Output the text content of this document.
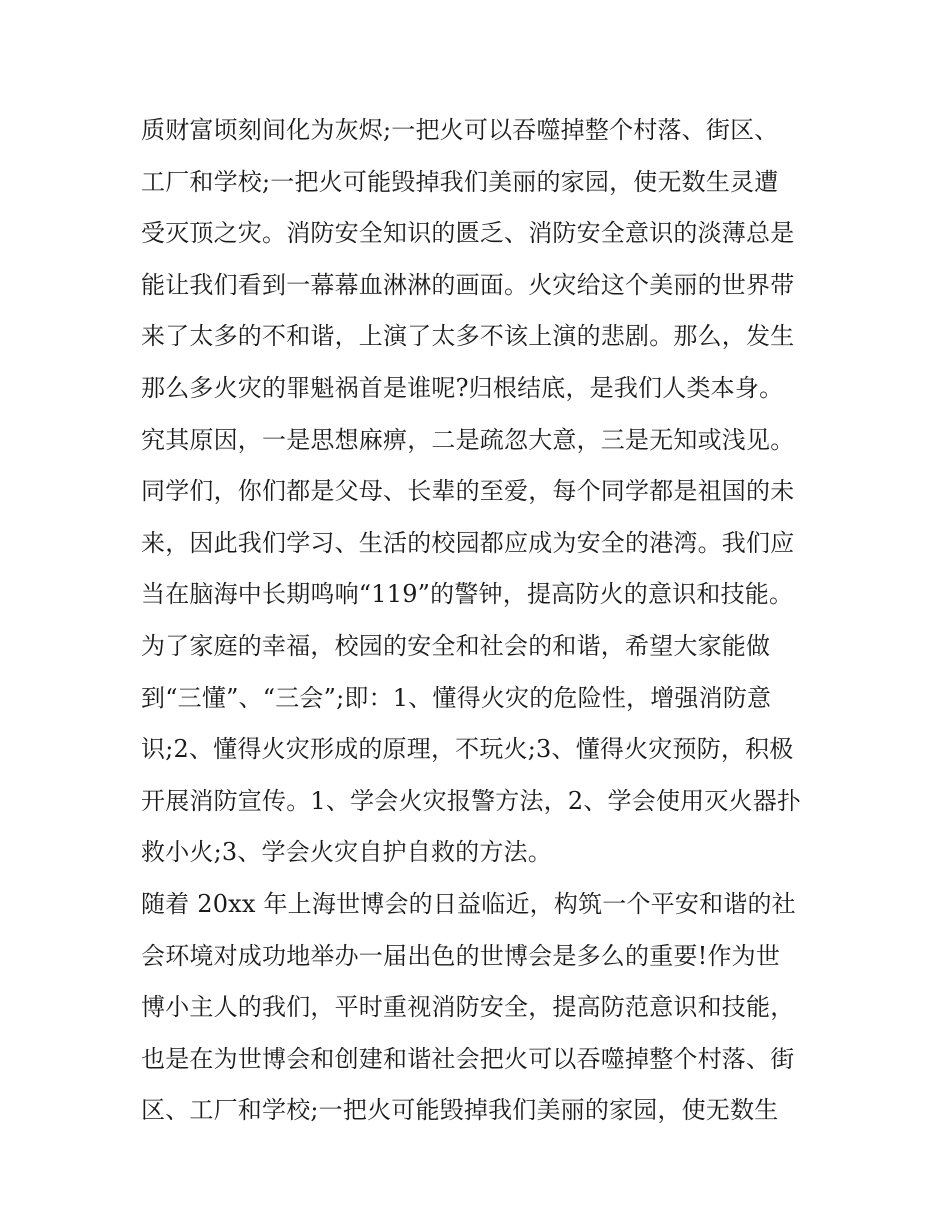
质财富顷刻间化为灰烬;一把火可以吞噬掉整个村落、街区、
工厂和学校;一把火可能毁掉我们美丽的家园，使无数生灵遭
受灭顶之灾。消防安全知识的匮乏、消防安全意识的淡薄总是
能让我们看到一幕幕血淋淋的画面。火灾给这个美丽的世界带
来了太多的不和谐，上演了太多不该上演的悲剧。那么，发生
那么多火灾的罪魁祸首是谁呢?归根结底，是我们人类本身。
究其原因，一是思想麻痹，二是疏忽大意，三是无知或浅见。
同学们，你们都是父母、长辈的至爱，每个同学都是祖国的未
来，因此我们学习、生活的校园都应成为安全的港湾。我们应
当在脑海中长期鸣响“119”的警钟，提高防火的意识和技能。
为了家庭的幸福，校园的安全和社会的和谐，希望大家能做
到“三懂”、“三会”;即：1、懂得火灾的危险性，增强消防意
识;2、懂得火灾形成的原理，不玩火;3、懂得火灾预防，积极
开展消防宣传。1、学会火灾报警方法，2、学会使用灭火器扑
救小火;3、学会火灾自护自救的方法。
随着 20xx 年上海世博会的日益临近，构筑一个平安和谐的社
会环境对成功地举办一届出色的世博会是多么的重要!作为世
博小主人的我们，平时重视消防安全，提高防范意识和技能，
也是在为世博会和创建和谐社会把火可以吞噬掉整个村落、街
区、工厂和学校;一把火可能毁掉我们美丽的家园，使无数生
